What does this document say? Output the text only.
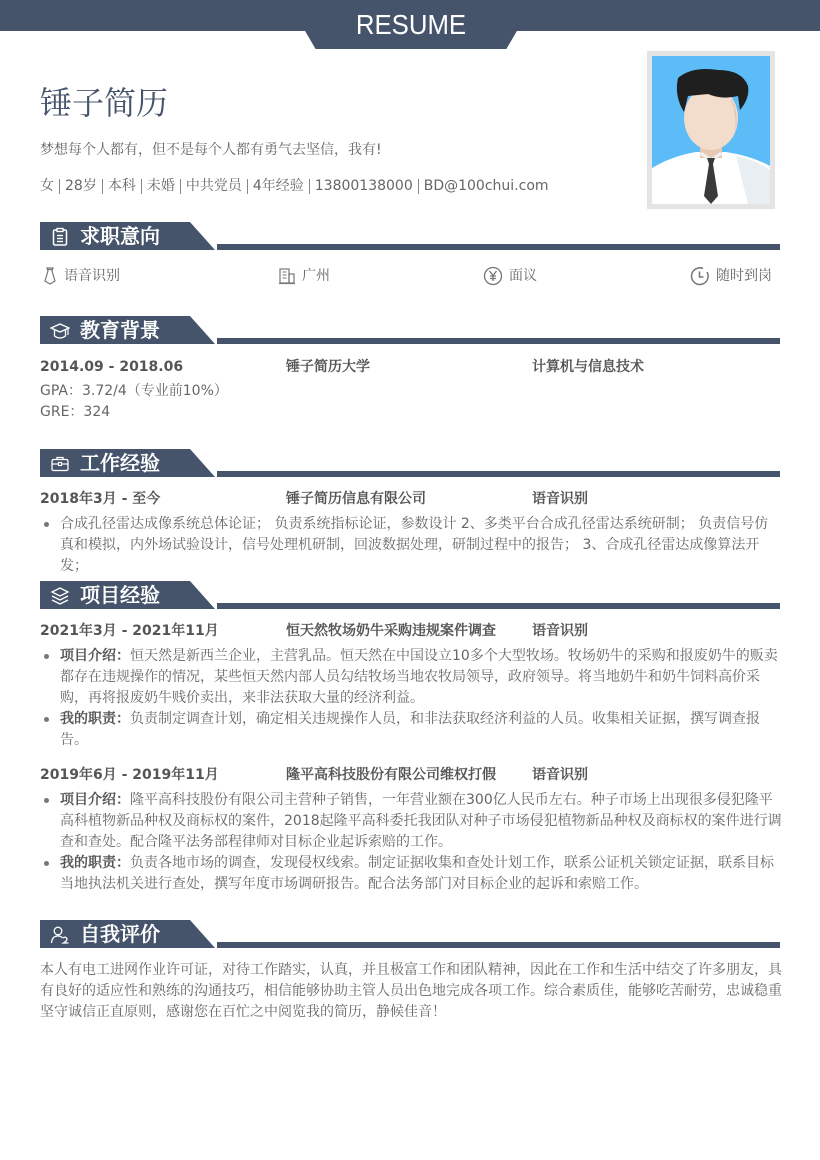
RESUME
锤子简历
梦想每个人都有，但不是每个人都有勇气去坚信，我有!
女 28岁 本科 未婚 中共党员 4年经验 13800138000 BD@100chui.com
求职意向
语音识别	广州	面议	随时到岗
教育背景
2014.09 - 2018.06	锤子简历大学	计算机与信息技术
GPA：3.72/4（专业前10%）
GRE：324
工作经验
2018年3月 - 至今	锤子简历信息有限公司	语音识别
合成孔径雷达成像系统总体论证； 负责系统指标论证，参数设计 2、多类平台合成孔径雷达系统研制； 负责信号仿真和模拟，内外场试验设计，信号处理机研制，回波数据处理，研制过程中的报告； 3、合成孔径雷达成像算法开发；
项目经验
2021年3月 - 2021年11月	恒天然牧场奶牛采购违规案件调查	语音识别
项目介绍：恒天然是新西兰企业，主营乳品。恒天然在中国设立10多个大型牧场。牧场奶牛的采购和报废奶牛的贩卖都存在违规操作的情况，某些恒天然内部人员勾结牧场当地农牧局领导，政府领导。将当地奶牛和奶牛饲料高价采购，再将报废奶牛贱价卖出，来非法获取大量的经济利益。
我的职责：负责制定调查计划，确定相关违规操作人员，和非法获取经济利益的人员。收集相关证据，撰写调查报告。
2019年6月 - 2019年11月	隆平高科技股份有限公司维权打假	语音识别
项目介绍：隆平高科技股份有限公司主营种子销售，一年营业额在300亿人民币左右。种子市场上出现很多侵犯隆平高科植物新品种权及商标权的案件，2018起隆平高科委托我团队对种子市场侵犯植物新品种权及商标权的案件进行调查和查处。配合隆平法务部程律师对目标企业起诉索赔的工作。
我的职责：负责各地市场的调查，发现侵权线索。制定证据收集和查处计划工作，联系公证机关锁定证据，联系目标当地执法机关进行查处，撰写年度市场调研报告。配合法务部门对目标企业的起诉和索赔工作。
自我评价
本人有电工进网作业许可证，对待工作踏实，认真，并且极富工作和团队精神，因此在工作和生活中结交了许多朋友，具有良好的适应性和熟练的沟通技巧，相信能够协助主管人员出色地完成各项工作。综合素质佳，能够吃苦耐劳，忠诚稳重坚守诚信正直原则，感谢您在百忙之中阅览我的简历，静候佳音！
